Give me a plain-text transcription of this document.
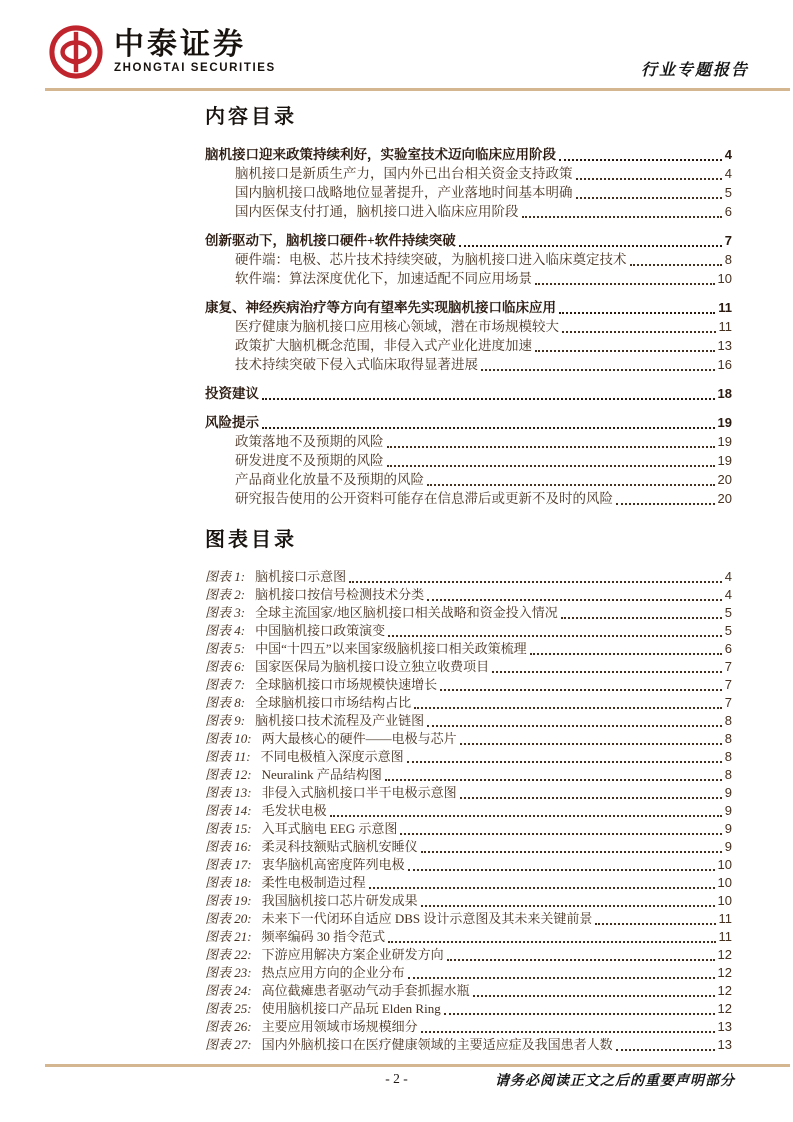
中泰证券
ZHONGTAI SECURITIES	行业专题报告
内容目录
脑机接口迎来政策持续利好，实验室技术迈向临床应用阶段	4
脑机接口是新质生产力，国内外已出台相关资金支持政策	4
国内脑机接口战略地位显著提升，产业落地时间基本明确	5
国内医保支付打通，脑机接口进入临床应用阶段	6
创新驱动下，脑机接口硬件+软件持续突破	7
硬件端：电极、芯片技术持续突破，为脑机接口进入临床奠定技术	8
软件端：算法深度优化下，加速适配不同应用场景	10
康复、神经疾病治疗等方向有望率先实现脑机接口临床应用	11
医疗健康为脑机接口应用核心领域，潜在市场规模较大	11
政策扩大脑机概念范围，非侵入式产业化进度加速	13
技术持续突破下侵入式临床取得显著进展	16
投资建议	18
风险提示	19
政策落地不及预期的风险	19
研发进度不及预期的风险	19
产品商业化放量不及预期的风险	20
研究报告使用的公开资料可能存在信息滞后或更新不及时的风险	20
图表目录
图表 1: 脑机接口示意图	4
图表 2: 脑机接口按信号检测技术分类	4
图表 3: 全球主流国家/地区脑机接口相关战略和资金投入情况	5
图表 4: 中国脑机接口政策演变	5
图表 5: 中国“十四五”以来国家级脑机接口相关政策梳理	6
图表 6: 国家医保局为脑机接口设立独立收费项目	7
图表 7: 全球脑机接口市场规模快速增长	7
图表 8: 全球脑机接口市场结构占比	7
图表 9: 脑机接口技术流程及产业链图	8
图表 10: 两大最核心的硬件——电极与芯片	8
图表 11: 不同电极植入深度示意图	8
图表 12: Neuralink 产品结构图	8
图表 13: 非侵入式脑机接口半干电极示意图	9
图表 14: 毛发状电极	9
图表 15: 入耳式脑电 EEG 示意图	9
图表 16: 柔灵科技额贴式脑机安睡仪	9
图表 17: 衷华脑机高密度阵列电极	10
图表 18: 柔性电极制造过程	10
图表 19: 我国脑机接口芯片研发成果	10
图表 20: 未来下一代闭环自适应 DBS 设计示意图及其未来关键前景	11
图表 21: 频率编码 30 指令范式	11
图表 22: 下游应用解决方案企业研发方向	12
图表 23: 热点应用方向的企业分布	12
图表 24: 高位截瘫患者驱动气动手套抓握水瓶	12
图表 25: 使用脑机接口产品玩 Elden Ring	12
图表 26: 主要应用领域市场规模细分	13
图表 27: 国内外脑机接口在医疗健康领域的主要适应症及我国患者人数	13
- 2 -	请务必阅读正文之后的重要声明部分
